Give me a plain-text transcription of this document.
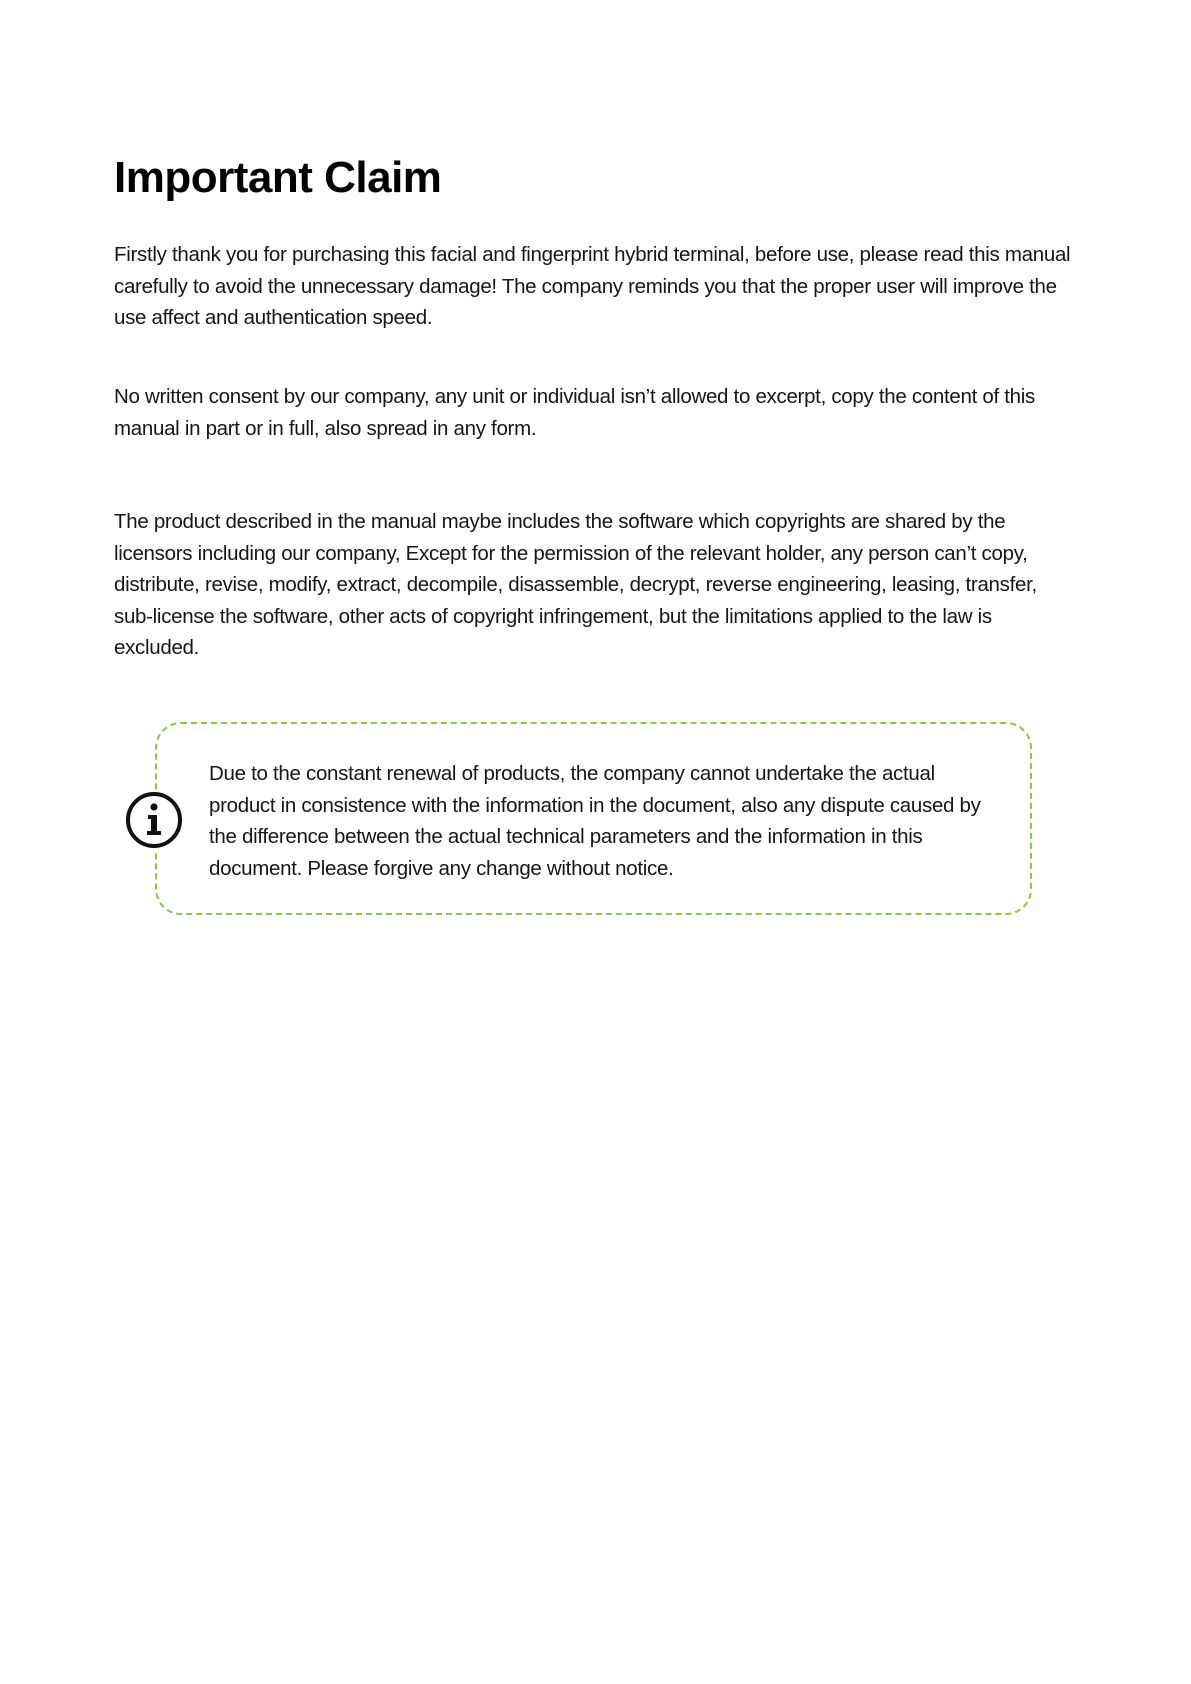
Important Claim

Firstly thank you for purchasing this facial and fingerprint hybrid terminal, before use, please read this manual carefully to avoid the unnecessary damage! The company reminds you that the proper user will improve the use affect and authentication speed.

No written consent by our company, any unit or individual isn’t allowed to excerpt, copy the content of this manual in part or in full, also spread in any form.

The product described in the manual maybe includes the software which copyrights are shared by the licensors including our company, Except for the permission of the relevant holder, any person can’t copy, distribute, revise, modify, extract, decompile, disassemble, decrypt, reverse engineering, leasing, transfer, sub-license the software, other acts of copyright infringement, but the limitations applied to the law is excluded.

Due to the constant renewal of products, the company cannot undertake the actual product in consistence with the information in the document, also any dispute caused by the difference between the actual technical parameters and the information in this document. Please forgive any change without notice.
